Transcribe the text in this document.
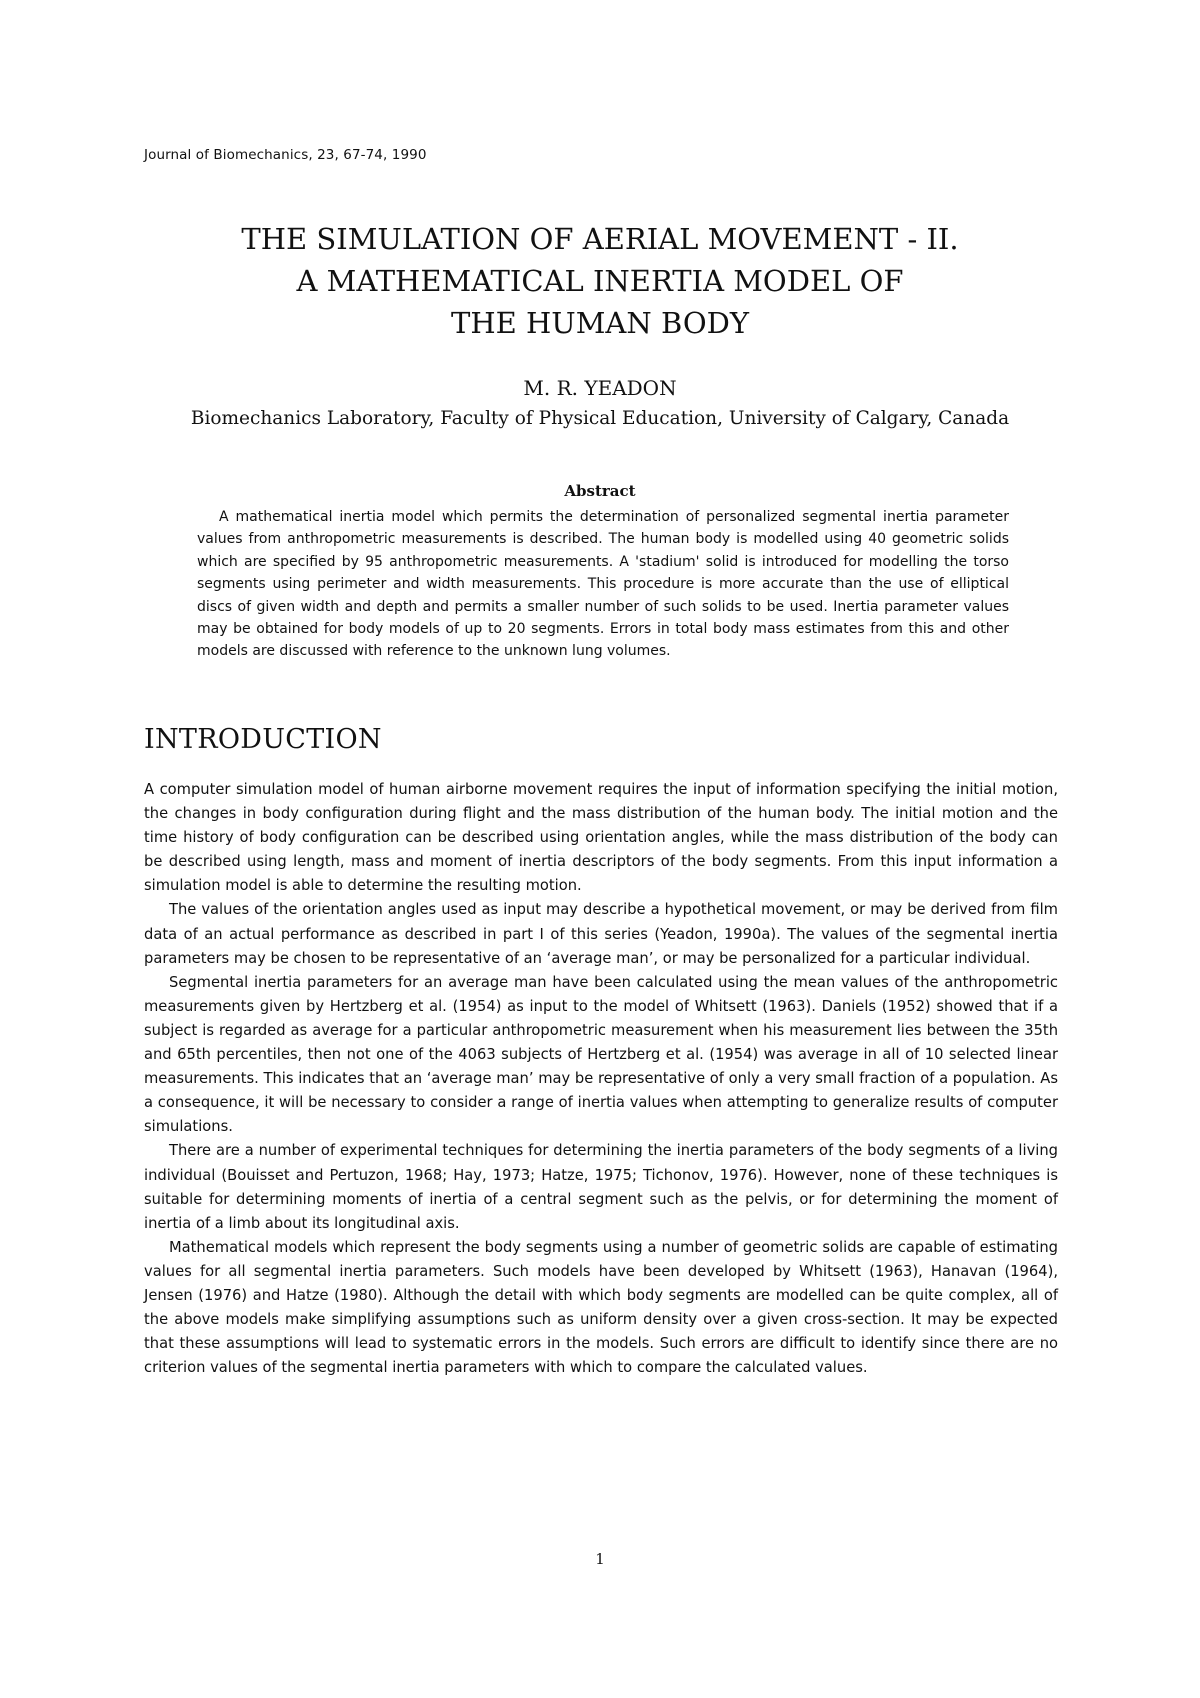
Journal of Biomechanics, 23, 67-74, 1990
THE SIMULATION OF AERIAL MOVEMENT - II.
A MATHEMATICAL INERTIA MODEL OF
THE HUMAN BODY
M. R. YEADON
Biomechanics Laboratory, Faculty of Physical Education, University of Calgary, Canada
Abstract

A mathematical inertia model which permits the determination of personalized segmental inertia parameter values from anthropometric measurements is described. The human body is modelled using 40 geometric solids which are specified by 95 anthropometric measurements. A 'stadium' solid is introduced for modelling the torso segments using perimeter and width measurements. This procedure is more accurate than the use of elliptical discs of given width and depth and permits a smaller number of such solids to be used. Inertia parameter values may be obtained for body models of up to 20 segments. Errors in total body mass estimates from this and other models are discussed with reference to the unknown lung volumes.

INTRODUCTION

A computer simulation model of human airborne movement requires the input of information specifying the initial motion, the changes in body configuration during flight and the mass distribution of the human body. The initial motion and the time history of body configuration can be described using orientation angles, while the mass distribution of the body can be described using length, mass and moment of inertia descriptors of the body segments. From this input information a simulation model is able to determine the resulting motion.

The values of the orientation angles used as input may describe a hypothetical movement, or may be derived from film data of an actual performance as described in part I of this series (Yeadon, 1990a). The values of the segmental inertia parameters may be chosen to be representative of an ‘average man’, or may be personalized for a particular individual.

Segmental inertia parameters for an average man have been calculated using the mean values of the anthropometric measurements given by Hertzberg et al. (1954) as input to the model of Whitsett (1963). Daniels (1952) showed that if a subject is regarded as average for a particular anthropometric measurement when his measurement lies between the 35th and 65th percentiles, then not one of the 4063 subjects of Hertzberg et al. (1954) was average in all of 10 selected linear measurements. This indicates that an ‘average man’ may be representative of only a very small fraction of a population. As a consequence, it will be necessary to consider a range of inertia values when attempting to generalize results of computer simulations.

There are a number of experimental techniques for determining the inertia parameters of the body segments of a living individual (Bouisset and Pertuzon, 1968; Hay, 1973; Hatze, 1975; Tichonov, 1976). However, none of these techniques is suitable for determining moments of inertia of a central segment such as the pelvis, or for determining the moment of inertia of a limb about its longitudinal axis.

Mathematical models which represent the body segments using a number of geometric solids are capable of estimating values for all segmental inertia parameters. Such models have been developed by Whitsett (1963), Hanavan (1964), Jensen (1976) and Hatze (1980). Although the detail with which body segments are modelled can be quite complex, all of the above models make simplifying assumptions such as uniform density over a given cross-section. It may be expected that these assumptions will lead to systematic errors in the models. Such errors are difficult to identify since there are no criterion values of the segmental inertia parameters with which to compare the calculated values.

1
